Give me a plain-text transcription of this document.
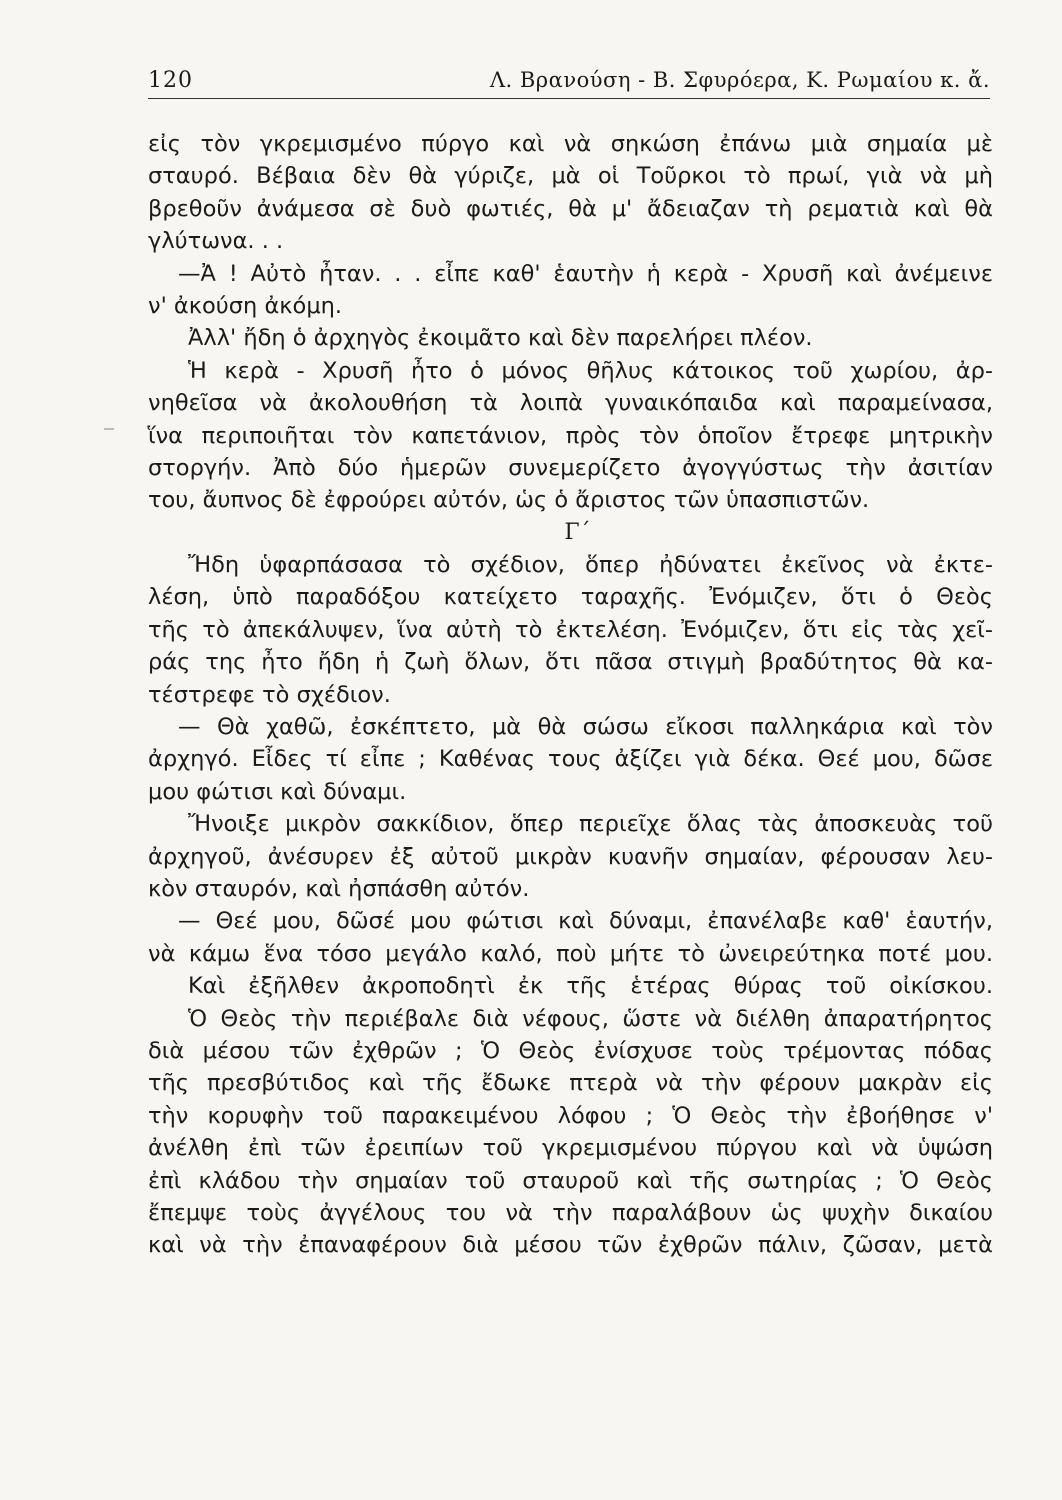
120	Λ. Βρανούση - Β. Σφυρόερα, Κ. Ρωμαίου κ. ἄ.
εἰς τὸν γκρεμισμένο πύργο καὶ νὰ σηκώση ἐπάνω μιὰ σημαία μὲ
σταυρό. Βέβαια δὲν θὰ γύριζε, μὰ οἱ Τοῦρκοι τὸ πρωί, γιὰ νὰ μὴ
βρεθοῦν ἀνάμεσα σὲ δυὸ φωτιές, θὰ μ' ἄδειαζαν τὴ ρεματιὰ καὶ θὰ
γλύτωνα. . .
—Ἀ ! Αὐτὸ ἦταν. . . εἶπε καθ' ἑαυτὴν ἡ κερὰ - Χρυσῆ καὶ ἀνέμεινε
ν' ἀκούση ἀκόμη.
Ἀλλ' ἤδη ὁ ἀρχηγὸς ἐκοιμᾶτο καὶ δὲν παρελήρει πλέον.
Ἡ κερὰ - Χρυσῆ ἦτο ὁ μόνος θῆλυς κάτοικος τοῦ χωρίου, ἀρ-
νηθεῖσα νὰ ἀκολουθήση τὰ λοιπὰ γυναικόπαιδα καὶ παραμείνασα,
ἵνα περιποιῆται τὸν καπετάνιον, πρὸς τὸν ὁποῖον ἔτρεφε μητρικὴν
στοργήν. Ἀπὸ δύο ἡμερῶν συνεμερίζετο ἀγογγύστως τὴν ἀσιτίαν
του, ἄυπνος δὲ ἐφρούρει αὐτόν, ὡς ὁ ἄριστος τῶν ὑπασπιστῶν.
Γ΄
Ἤδη ὑφαρπάσασα τὸ σχέδιον, ὅπερ ἠδύνατει ἐκεῖνος νὰ ἐκτε-
λέση, ὑπὸ παραδόξου κατείχετο ταραχῆς. Ἐνόμιζεν, ὅτι ὁ Θεὸς
τῆς τὸ ἀπεκάλυψεν, ἵνα αὐτὴ τὸ ἐκτελέση. Ἐνόμιζεν, ὅτι εἰς τὰς χεῖ-
ράς της ἦτο ἤδη ἡ ζωὴ ὅλων, ὅτι πᾶσα στιγμὴ βραδύτητος θὰ κα-
τέστρεφε τὸ σχέδιον.
— Θὰ χαθῶ, ἐσκέπτετο, μὰ θὰ σώσω εἴκοσι παλληκάρια καὶ τὸν
ἀρχηγό. Εἶδες τί εἶπε ; Καθένας τους ἀξίζει γιὰ δέκα. Θεέ μου, δῶσε
μου φώτισι καὶ δύναμι.
Ἤνοιξε μικρὸν σακκίδιον, ὅπερ περιεῖχε ὅλας τὰς ἀποσκευὰς τοῦ
ἀρχηγοῦ, ἀνέσυρεν ἐξ αὐτοῦ μικρὰν κυανῆν σημαίαν, φέρουσαν λευ-
κὸν σταυρόν, καὶ ἠσπάσθη αὐτόν.
— Θεέ μου, δῶσέ μου φώτισι καὶ δύναμι, ἐπανέλαβε καθ' ἑαυτήν,
νὰ κάμω ἕνα τόσο μεγάλο καλό, ποὺ μήτε τὸ ὠνειρεύτηκα ποτέ μου.
Καὶ ἐξῆλθεν ἀκροποδητὶ ἐκ τῆς ἑτέρας θύρας τοῦ οἰκίσκου.
Ὁ Θεὸς τὴν περιέβαλε διὰ νέφους, ὥστε νὰ διέλθη ἀπαρατήρητος
διὰ μέσου τῶν ἐχθρῶν ; Ὁ Θεὸς ἐνίσχυσε τοὺς τρέμοντας πόδας
τῆς πρεσβύτιδος καὶ τῆς ἔδωκε πτερὰ νὰ τὴν φέρουν μακρὰν εἰς
τὴν κορυφὴν τοῦ παρακειμένου λόφου ; Ὁ Θεὸς τὴν ἐβοήθησε ν'
ἀνέλθη ἐπὶ τῶν ἐρειπίων τοῦ γκρεμισμένου πύργου καὶ νὰ ὑψώση
ἐπὶ κλάδου τὴν σημαίαν τοῦ σταυροῦ καὶ τῆς σωτηρίας ; Ὁ Θεὸς
ἔπεμψε τοὺς ἀγγέλους του νὰ τὴν παραλάβουν ὡς ψυχὴν δικαίου
καὶ νὰ τὴν ἐπαναφέρουν διὰ μέσου τῶν ἐχθρῶν πάλιν, ζῶσαν, μετὰ
